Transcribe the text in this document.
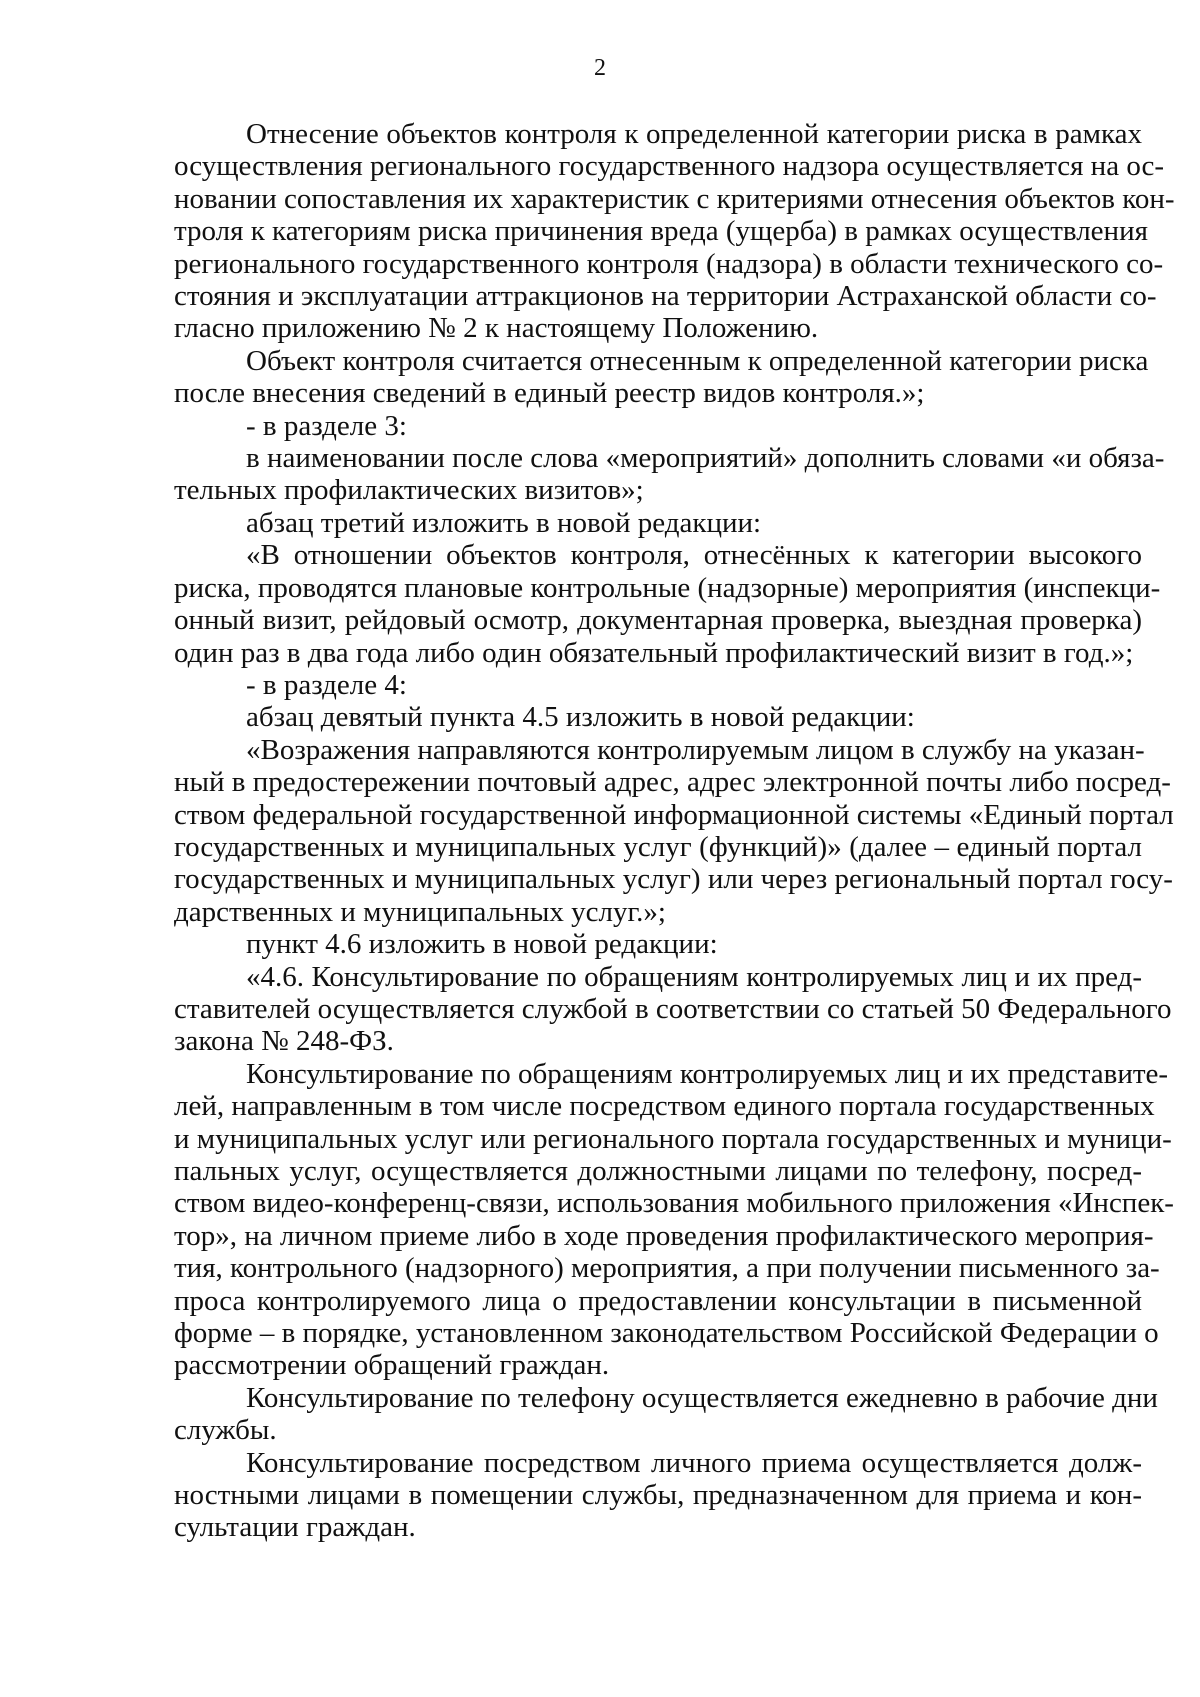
2
Отнесение объектов контроля к определенной категории риска в рамках
осуществления регионального государственного надзора осуществляется на ос-
новании сопоставления их характеристик с критериями отнесения объектов кон-
троля к категориям риска причинения вреда (ущерба) в рамках осуществления
регионального государственного контроля (надзора) в области технического со-
стояния и эксплуатации аттракционов на территории Астраханской области со-
гласно приложению № 2 к настоящему Положению.
Объект контроля считается отнесенным к определенной категории риска
после внесения сведений в единый реестр видов контроля.»;
- в разделе 3:
в наименовании после слова «мероприятий» дополнить словами «и обяза-
тельных профилактических визитов»;
абзац третий изложить в новой редакции:
«В отношении объектов контроля, отнесённых к категории высокого
риска, проводятся плановые контрольные (надзорные) мероприятия (инспекци-
онный визит, рейдовый осмотр, документарная проверка, выездная проверка)
один раз в два года либо один обязательный профилактический визит в год.»;
- в разделе 4:
абзац девятый пункта 4.5 изложить в новой редакции:
«Возражения направляются контролируемым лицом в службу на указан-
ный в предостережении почтовый адрес, адрес электронной почты либо посред-
ством федеральной государственной информационной системы «Единый портал
государственных и муниципальных услуг (функций)» (далее – единый портал
государственных и муниципальных услуг) или через региональный портал госу-
дарственных и муниципальных услуг.»;
пункт 4.6 изложить в новой редакции:
«4.6. Консультирование по обращениям контролируемых лиц и их пред-
ставителей осуществляется службой в соответствии со статьей 50 Федерального
закона № 248-ФЗ.
Консультирование по обращениям контролируемых лиц и их представите-
лей, направленным в том числе посредством единого портала государственных
и муниципальных услуг или регионального портала государственных и муници-
пальных услуг, осуществляется должностными лицами по телефону, посред-
ством видео-конференц-связи, использования мобильного приложения «Инспек-
тор», на личном приеме либо в ходе проведения профилактического мероприя-
тия, контрольного (надзорного) мероприятия, а при получении письменного за-
проса контролируемого лица о предоставлении консультации в письменной
форме – в порядке, установленном законодательством Российской Федерации о
рассмотрении обращений граждан.
Консультирование по телефону осуществляется ежедневно в рабочие дни
службы.
Консультирование посредством личного приема осуществляется долж-
ностными лицами в помещении службы, предназначенном для приема и кон-
сультации граждан.
